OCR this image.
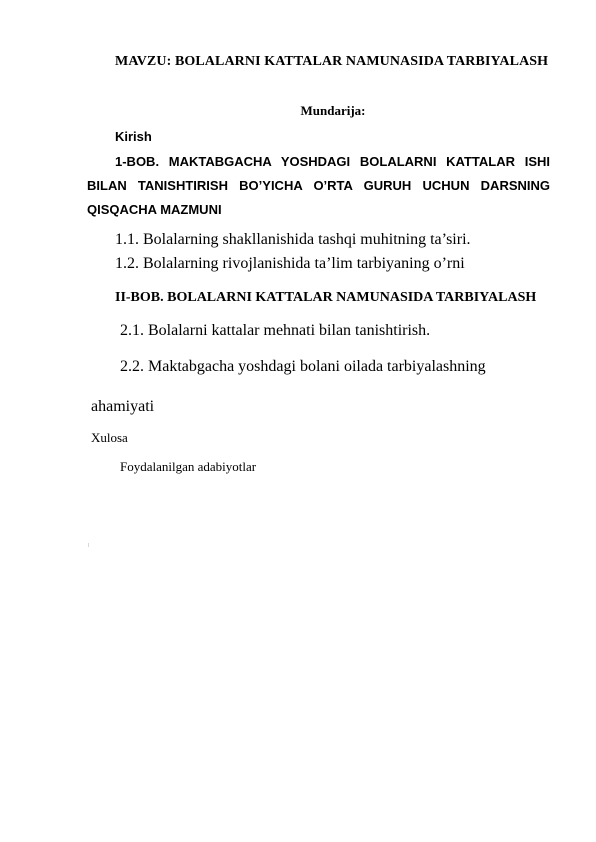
MAVZU: BOLALARNI KATTALAR NAMUNASIDA TARBIYALASH
Mundarija:
Kirish
1-BOB. MAKTABGACHA YOSHDAGI BOLALARNI KATTALAR ISHI BILAN TANISHTIRISH BO’YICHA O’RTA GURUH UCHUN DARSNING QISQACHA MAZMUNI
1.1. Bolalarning shakllanishida tashqi muhitning ta’siri.
1.2. Bolalarning rivojlanishida ta’lim tarbiyaning o’rni
II-BOB. BOLALARNI KATTALAR NAMUNASIDA TARBIYALASH
2.1. Bolalarni kattalar mehnati bilan tanishtirish.
2.2. Maktabgacha yoshdagi bolani oilada tarbiyalashning
ahamiyati
Xulosa
Foydalanilgan adabiyotlar
